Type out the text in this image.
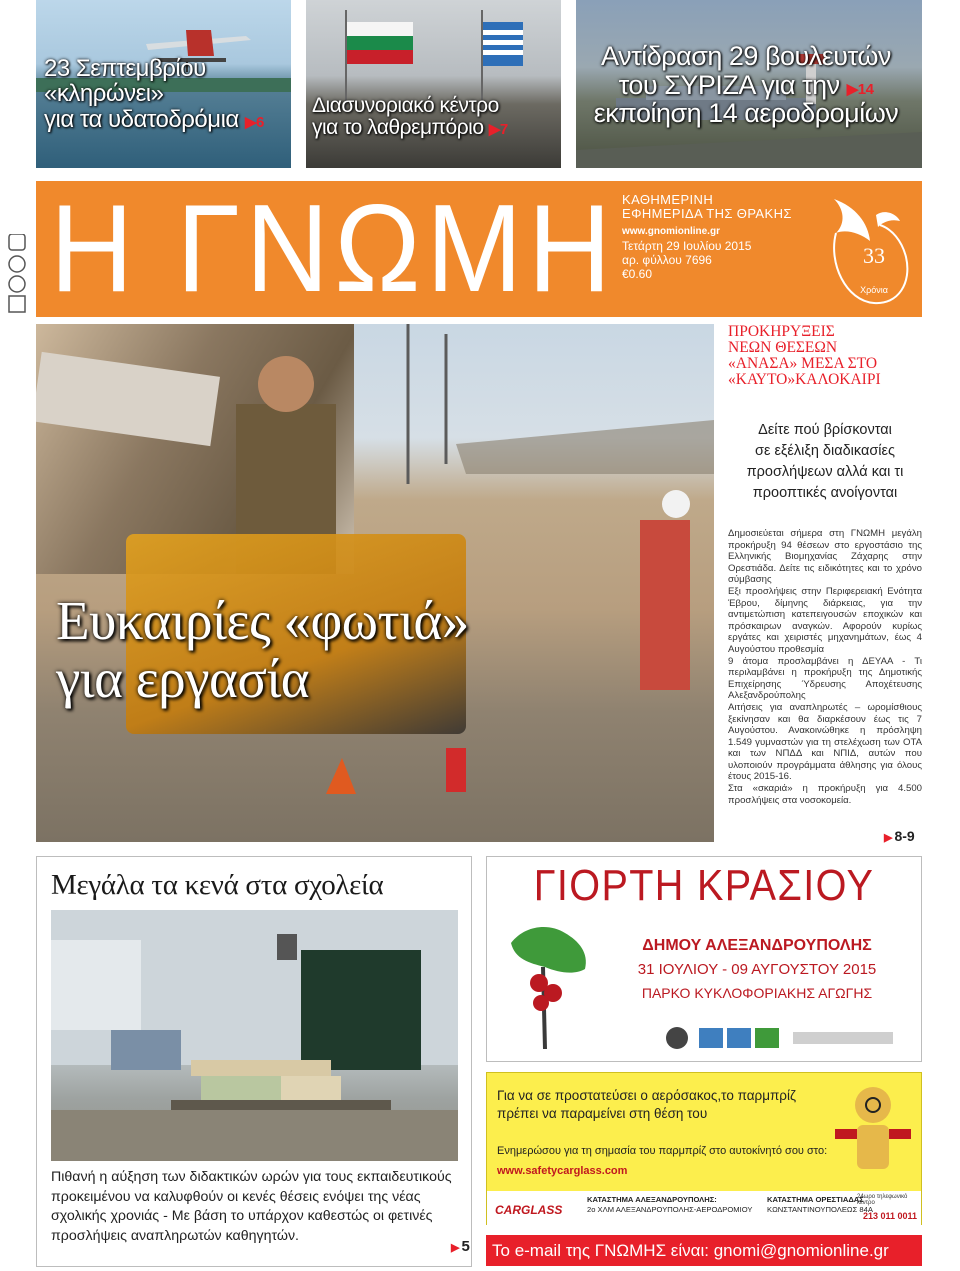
23 Σεπτεμβρίου
«κληρώνει»
για τα υδατοδρόμια ▶6
Διασυνοριακό κέντρο
για το λαθρεμπόριο ▶7
Αντίδραση 29 βουλευτών
του ΣΥΡΙΖΑ για την ▶14
εκποίηση 14 αεροδρομίων
Η ΓΝΩΜΗ ΚΑΘΗΜΕΡΙΝΗ
ΕΦΗΜΕΡΙΔΑ ΤΗΣ ΘΡΑΚΗΣ
www.gnomionline.gr
Τετάρτη 29 Ιουλίου 2015
αρ. φύλλου 7696
€0.60
33
Χρόνια
Ευκαιρίες «φωτιά»
για εργασία
ΠΡΟΚΗΡΥΞΕΙΣ
ΝΕΩΝ ΘΕΣΕΩΝ
«ΑΝΑΣΑ» ΜΕΣΑ ΣΤΟ
«ΚΑΥΤΟ»ΚΑΛΟΚΑΙΡΙ
Δείτε πού βρίσκονται
σε εξέλιξη διαδικασίες
προσλήψεων αλλά και τι
προοπτικές ανοίγονται

Δημοσιεύεται σήμερα στη ΓΝΩΜΗ μεγάλη προκήρυξη 94 θέσεων στο εργοστάσιο της Ελληνικής Βιομηχανίας Ζάχαρης στην Ορεστιάδα. Δείτε τις ειδικότητες και το χρόνο σύμβασης

Εξι προσλήψεις στην Περιφερειακή Ενότητα Έβρου, δίμηνης διάρκειας, για την αντιμετώπιση κατεπειγουσών εποχικών και πρόσκαιρων αναγκών. Αφορούν κυρίως εργάτες και χειριστές μηχανημάτων, έως 4 Αυγούστου προθεσμία

9 άτομα προσλαμβάνει η ΔΕΥΑΑ - Τι περιλαμβάνει η προκήρυξη της Δημοτικής Επιχείρησης Ύδρευσης Αποχέτευσης Αλεξανδρούπολης

Αιτήσεις για αναπληρωτές – ωρομίσθιους ξεκίνησαν και θα διαρκέσουν έως τις 7 Αυγούστου. Ανακοινώθηκε η πρόσληψη 1.549 γυμναστών για τη στελέχωση των ΟΤΑ και των ΝΠΔΔ και ΝΠΙΔ, αυτών που υλοποιούν προγράμματα άθλησης για όλους έτους 2015-16.

Στα «σκαριά» η προκήρυξη για 4.500 προσλήψεις στα νοσοκομεία.

▶ 8-9
Μεγάλα τα κενά στα σχολεία
Πιθανή η αύξηση των διδακτικών ωρών για τους εκπαιδευτικούς προκειμένου να καλυφθούν οι κενές θέσεις ενόψει της νέας σχολικής χρονιάς - Με βάση το υπάρχον καθεστώς οι φετινές προσλήψεις αναπληρωτών καθηγητών.
▶ 5
ΓΙΟΡΤΗ ΚΡΑΣΙΟΥ
ΔΗΜΟΥ ΑΛΕΞΑΝΔΡΟΥΠΟΛΗΣ
31 ΙΟΥΛΙΟΥ - 09 ΑΥΓΟΥΣΤΟΥ 2015
ΠΑΡΚΟ ΚΥΚΛΟΦΟΡΙΑΚΗΣ ΑΓΩΓΗΣ
Για να σε προστατεύσει ο αερόσακος,το παρμπρίζ πρέπει να παραμείνει στη θέση του
Ενημερώσου για τη σημασία του παρμπρίζ στο αυτοκίνητό σου στο:
www.safetycarglass.com
CARGLASS
ΚΑΤΑΣΤΗΜΑ ΑΛΕΞΑΝΔΡΟΥΠΟΛΗΣ:
2ο ΧΛΜ ΑΛΕΞΑΝΔΡΟΥΠΟΛΗΣ-ΑΕΡΟΔΡΟΜΙΟΥ
ΚΑΤΑΣΤΗΜΑ ΟΡΕΣΤΙΑΔΑΣ
ΚΩΝΣΤΑΝΤΙΝΟΥΠΟΛΕΩΣ 84Α
24ωρο τηλεφωνικό κέντρο
213 011 0011
Το e-mail της ΓΝΩΜΗΣ είναι: gnomi@gnomionline.gr
